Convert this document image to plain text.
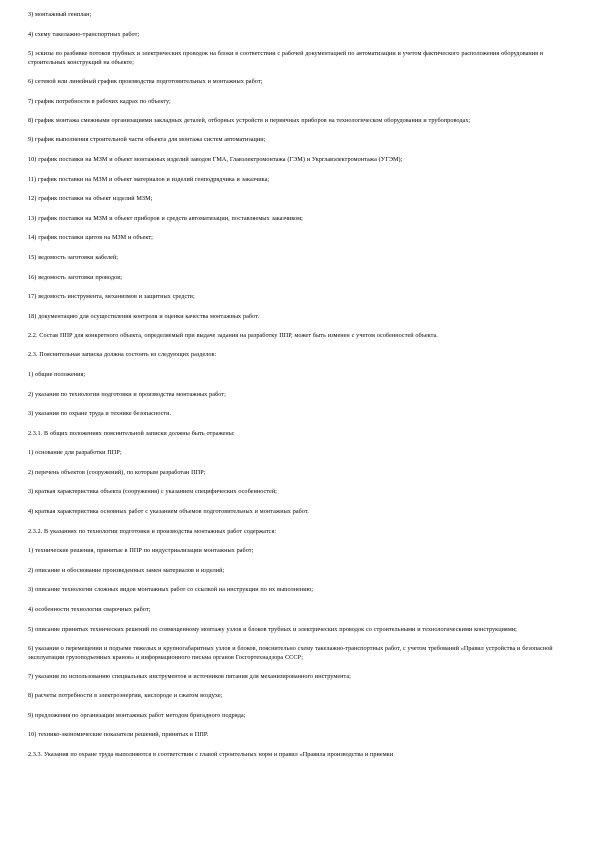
3) монтажный генплан;

4) схему такелажно-транспортных работ;

5) эскизы по разбивке потоков трубных и электрических проводок на блоки в соответствии с рабочей документацией по автоматизации и учетом фактического расположения оборудования и строительных конструкций на объекте;

6) сетевой или линейный график производства подготовительных и монтажных работ;

7) график потребности в рабочих кадрах по объекту;

8) график монтажа смежными организациями закладных деталей, отборных устройств и первичных приборов на технологическом оборудовании и трубопроводах;

9) график выполнения строительной части объекта для монтажа систем автоматизации;

10) график поставки на МЗМ и объект монтажных изделий заводов ГМА, Главэлектромонтажа (ГЭМ) и Укрглавэлектромонтажа (УГЭМ);

11) график поставки на МЗМ и объект материалов и изделий генподрядчика и заказчика;

12) график поставки на объект изделий МЗМ;

13) график поставки на МЗМ и объект приборов и средств автоматизации, поставляемых заказчиком;

14) график поставки щитов на МЗМ и объект;

15) ведомость заготовки кабелей;

16) ведомость заготовки проводов;

17) ведомость инструмента, механизмов и защитных средств;

18) документацию для осуществления контроля и оценки качества монтажных работ.

2.2. Состав ППР для конкретного объекта, определяемый при выдаче задания на разработку ППР, может быть изменен с учетом особенностей объекта.

2.3. Пояснительная записка должна состоять из следующих разделов:

1) общие положения;

2) указания по технологии подготовки и производства монтажных работ;

3) указания по охране труда и технике безопасности.

2.3.1. В общих положениях пояснительной записки должны быть отражены:

1) основание для разработки ППР;

2) перечень объектов (сооружений), по которым разработан ППР;

3) краткая характеристика объекта (сооружения) с указанием специфических особенностей;

4) краткая характеристика основных работ с указанием объемов подготовительных и монтажных работ.

2.3.2. В указаниях по технологии подготовки и производства монтажных работ содержатся:

1) технические решения, принятые в ППР по индустриализации монтажных работ;

2) описание и обоснование произведенных замен материалов и изделий;

3) описание технологии сложных видов монтажных работ со ссылкой на инструкции по их выполнению;

4) особенности технологии сварочных работ;

5) описание принятых технических решений по совмещенному монтажу узлов и блоков трубных и электрических проводок со строительными и технологическими конструкциями;

6) указания о перемещении и подъеме тяжелых и крупногабаритных узлов и блоков, пояснительно схему такелажно-транспортных работ, с учетом требований «Правил устройства и безопасной эксплуатации грузоподъемных кранов» и информационного письма органов Госгортехнадзора СССР;

7) указания по использованию специальных инструментов и источников питания для механизированного инструмента;

8) расчеты потребности в электроэнергии, кислороде и сжатом воздухе;

9) предложения по организации монтажных работ методом бригадного подряда;

10) технико-экономические показатели решений, принятых в ППР.

2.3.3. Указания по охране труда выполняются в соответствии с главой строительных норм и правил «Правила производства и приемки
